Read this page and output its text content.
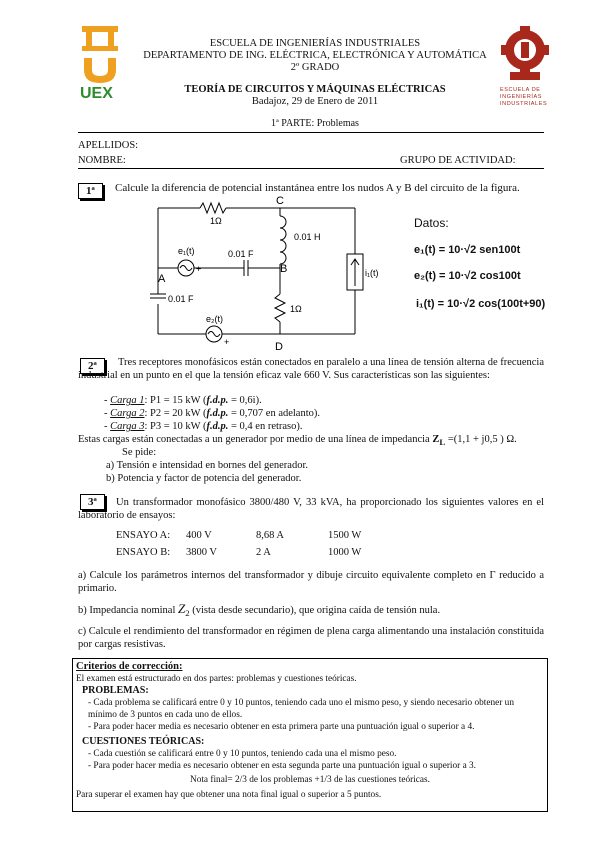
UEX	ESCUELA DE INGENIERÍAS INDUSTRIALES
ESCUELA DE INGENIERÍAS INDUSTRIALES
DEPARTAMENTO DE ING. ELÉCTRICA, ELECTRÓNICA Y AUTOMÁTICA
2º GRADO
TEORÍA DE CIRCUITOS Y MÁQUINAS ELÉCTRICAS
Badajoz, 29 de Enero de 2011
1ª PARTE: Problemas
APELLIDOS:
NOMBRE:	GRUPO DE ACTIVIDAD:
1ª	Calcule la diferencia de potencial instantánea entre los nudos A y B del circuito de la figura.
1Ω
C
0.01 H
e₁(t)
+
0.01 F
A
B	i₁(t)
0.01 F
1Ω
e₂(t)
+	D
Datos:
e₁(t) = 10·√2 sen100t
e₂(t) = 10·√2 cos100t
i₁(t) = 10·√2 cos(100t+90)
2ª	Tres receptores monofásicos están conectados en paralelo a una línea de tensión alterna de frecuencia industrial en un punto en el que la tensión eficaz vale 660 V. Sus características son las siguientes:
- Carga 1: P1 = 15 kW (f.d.p. = 0,6i).
- Carga 2: P2 = 20 kW (f.d.p. = 0,707 en adelanto).
- Carga 3: P3 = 10 kW (f.d.p. = 0,4 en retraso).
Estas cargas están conectadas a un generador por medio de una línea de impedancia $Z_L =(1,1 + j0,5$ ) Ω.
Se pide:
a) Tensión e intensidad en bornes del generador.
b) Potencia y factor de potencia del generador.
3ª	Un transformador monofásico 3800/480 V, 33 kVA, ha proporcionado los siguientes valores en el laboratorio de ensayos:
ENSAYO A: 400 V	8,68 A	1500 W
ENSAYO B: 3800 V	2 A	1000 W
a) Calcule los parámetros internos del transformador y dibuje circuito equivalente completo en Γ reducido a primario.
b) Impedancia nominal $Z_2$ (vista desde secundario), que origina caída de tensión nula.
c) Calcule el rendimiento del transformador en régimen de plena carga alimentando una instalación constituida por cargas resistivas.
Criterios de corrección:
El examen está estructurado en dos partes: problemas y cuestiones teóricas.
PROBLEMAS:
- Cada problema se calificará entre 0 y 10 puntos, teniendo cada uno el mismo peso, y siendo necesario obtener un mínimo de 3 puntos en cada uno de ellos.
- Para poder hacer media es necesario obtener en esta primera parte una puntuación igual o superior a 4.
CUESTIONES TEÓRICAS:
- Cada cuestión se calificará entre 0 y 10 puntos, teniendo cada una el mismo peso.
- Para poder hacer media es necesario obtener en esta segunda parte una puntuación igual o superior a 3.
Nota final= 2/3 de los problemas +1/3 de las cuestiones teóricas.
Para superar el examen hay que obtener una nota final igual o superior a 5 puntos.
